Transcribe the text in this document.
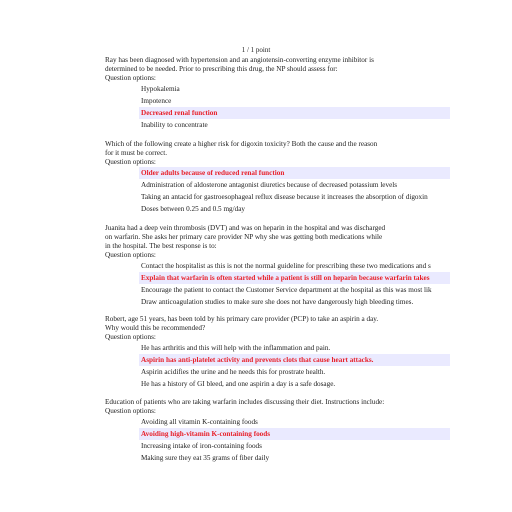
1 / 1 point

Ray has been diagnosed with hypertension and an angiotensin-converting enzyme inhibitor is
determined to be needed. Prior to prescribing this drug, the NP should assess for:

Question options:

Hypokalemia
Impotence
Decreased renal function
Inability to concentrate

Which of the following create a higher risk for digoxin toxicity? Both the cause and the reason
for it must be correct.

Question options:

Older adults because of reduced renal function
Administration of aldosterone antagonist diuretics because of decreased potassium levels
Taking an antacid for gastroesophageal reflux disease because it increases the absorption of digoxin
Doses between 0.25 and 0.5 mg/day

Juanita had a deep vein thrombosis (DVT) and was on heparin in the hospital and was discharged
on warfarin. She asks her primary care provider NP why she was getting both medications while
in the hospital. The best response is to:

Question options:

Contact the hospitalist as this is not the normal guideline for prescribing these two medications and s
Explain that warfarin is often started while a patient is still on heparin because warfarin takes
Encourage the patient to contact the Customer Service department at the hospital as this was most lik
Draw anticoagulation studies to make sure she does not have dangerously high bleeding times.

Robert, age 51 years, has been told by his primary care provider (PCP) to take an aspirin a day.
Why would this be recommended?

Question options:

He has arthritis and this will help with the inflammation and pain.
Aspirin has anti-platelet activity and prevents clots that cause heart attacks.
Aspirin acidifies the urine and he needs this for prostrate health.
He has a history of GI bleed, and one aspirin a day is a safe dosage.

Education of patients who are taking warfarin includes discussing their diet. Instructions include:

Question options:

Avoiding all vitamin K-containing foods
Avoiding high-vitamin K-containing foods
Increasing intake of iron-containing foods
Making sure they eat 35 grams of fiber daily
